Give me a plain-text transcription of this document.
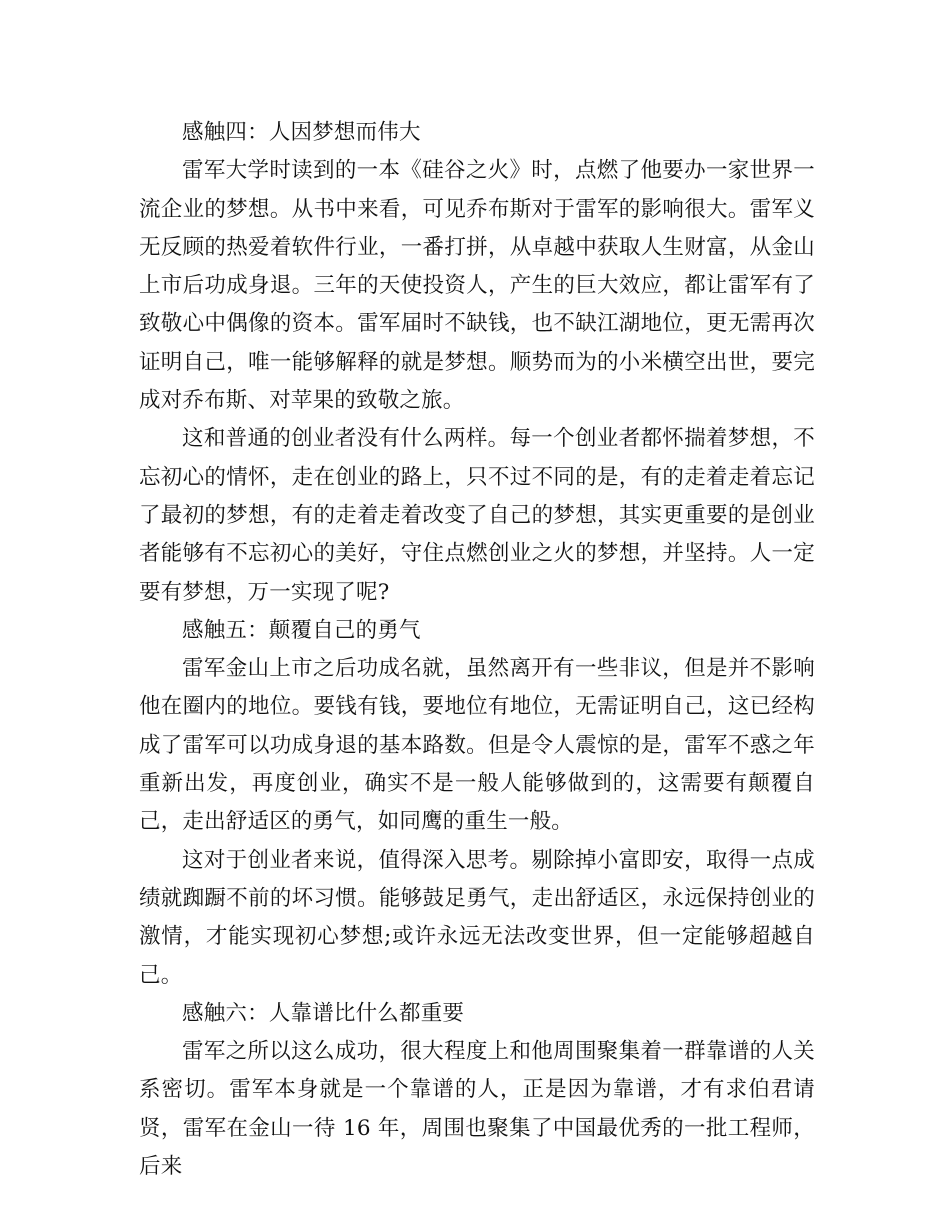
感触四：人因梦想而伟大

雷军大学时读到的一本《硅谷之火》时，点燃了他要办一家世界一流企业的梦想。从书中来看，可见乔布斯对于雷军的影响很大。雷军义无反顾的热爱着软件行业，一番打拼，从卓越中获取人生财富，从金山上市后功成身退。三年的天使投资人，产生的巨大效应，都让雷军有了致敬心中偶像的资本。雷军届时不缺钱，也不缺江湖地位，更无需再次证明自己，唯一能够解释的就是梦想。顺势而为的小米横空出世，要完成对乔布斯、对苹果的致敬之旅。

这和普通的创业者没有什么两样。每一个创业者都怀揣着梦想，不忘初心的情怀，走在创业的路上，只不过不同的是，有的走着走着忘记了最初的梦想，有的走着走着改变了自己的梦想，其实更重要的是创业者能够有不忘初心的美好，守住点燃创业之火的梦想，并坚持。人一定要有梦想，万一实现了呢?

感触五：颠覆自己的勇气

雷军金山上市之后功成名就，虽然离开有一些非议，但是并不影响他在圈内的地位。要钱有钱，要地位有地位，无需证明自己，这已经构成了雷军可以功成身退的基本路数。但是令人震惊的是，雷军不惑之年重新出发，再度创业，确实不是一般人能够做到的，这需要有颠覆自己，走出舒适区的勇气，如同鹰的重生一般。

这对于创业者来说，值得深入思考。剔除掉小富即安，取得一点成绩就踟蹰不前的坏习惯。能够鼓足勇气，走出舒适区，永远保持创业的激情，才能实现初心梦想;或许永远无法改变世界，但一定能够超越自己。

感触六：人靠谱比什么都重要

雷军之所以这么成功，很大程度上和他周围聚集着一群靠谱的人关系密切。雷军本身就是一个靠谱的人，正是因为靠谱，才有求伯君请贤，雷军在金山一待 16 年，周围也聚集了中国最优秀的一批工程师，后来
